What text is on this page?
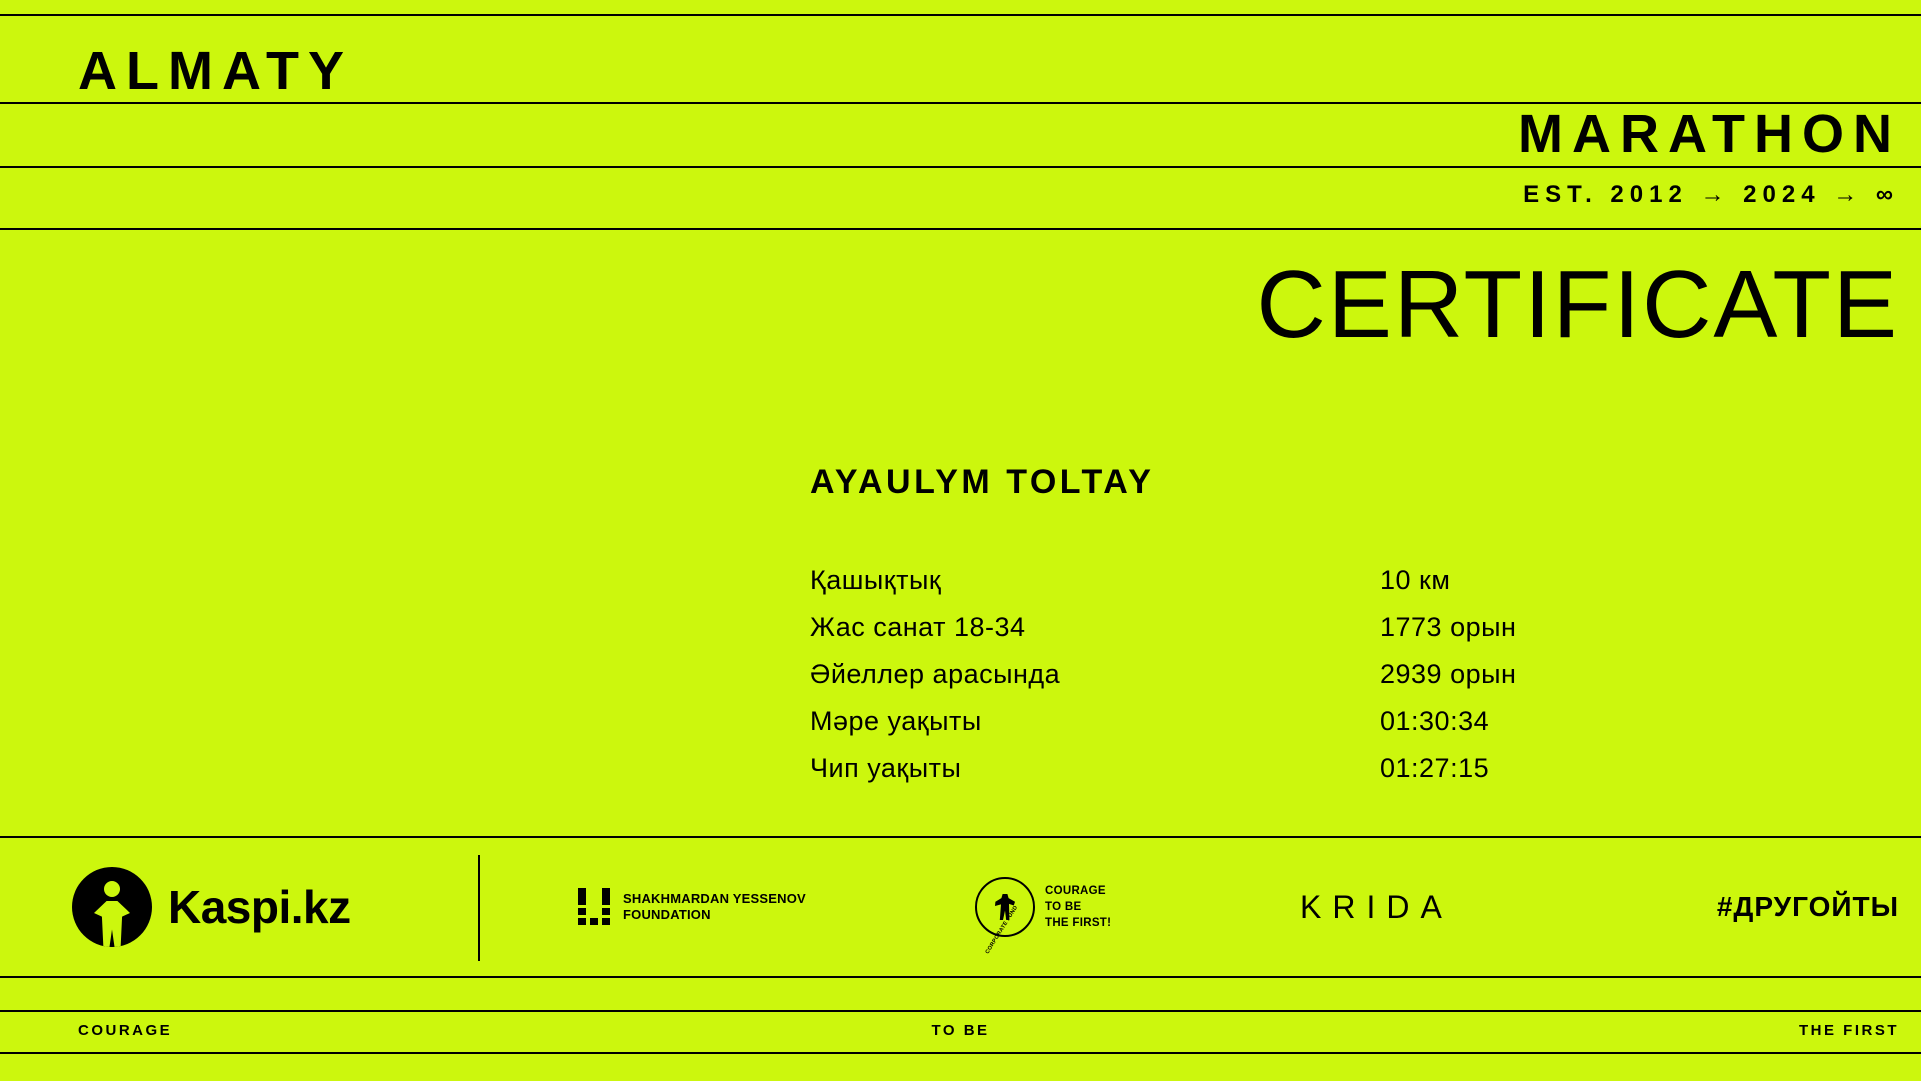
ALMATY
MARATHON
EST. 2012 → 2024 → ∞
CERTIFICATE
AYAULYM TOLTAY
Қашықтық	10 км
Жас санат 18-34	1773 орын
Әйеллер арасында	2939 орын
Мәре уақыты	01:30:34
Чип уақыты	01:27:15
Kaspi.kz	SHAKHMARDAN YESSENOV
FOUNDATION	CORPORATE FUND
COURAGE
TO BE
THE FIRST!	KRIDA	#ДРУГОЙТЫ
COURAGE	TO BE	THE FIRST
